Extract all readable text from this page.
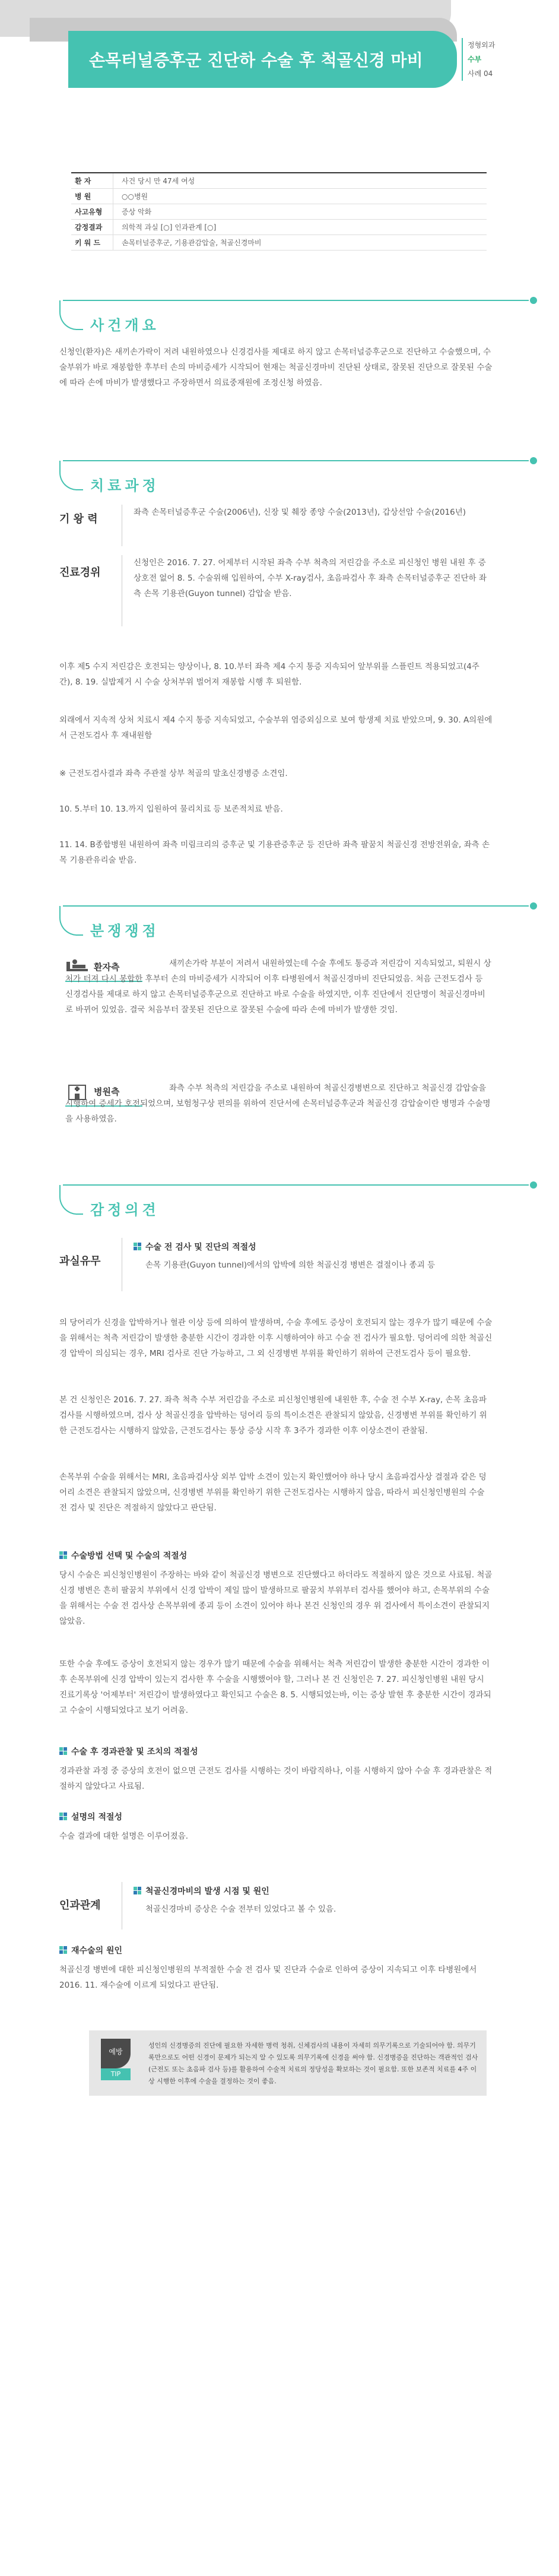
손목터널증후군 진단하 수술 후 척골신경 마비
정형외과
수부
사례 04
환 자	사건 당시 만 47세 여성
병 원	○○병원
사고유형	증상 악화
감정결과	의학적 과실 [○] 인과관계 [○]
키 워 드	손목터널증후군, 기용관감압술, 척골신경마비
사건개요
신청인(환자)은 새끼손가락이 저려 내원하였으나 신경검사를 제대로 하지 않고 손목터널증후군으로 진단하고 수술했으며, 수술부위가 바로 재봉합한 후부터 손의 마비증세가 시작되어 현재는 척골신경마비 진단된 상태로, 잘못된 진단으로 잘못된 수술에 따라 손에 마비가 발생했다고 주장하면서 의료중재원에 조정신청 하였음.
치료과정
기 왕 력
좌측 손목터널증후군 수술(2006년), 신장 및 췌장 종양 수술(2013년), 갑상선암 수술(2016년)
진료경위
신청인은 2016. 7. 27. 어제부터 시작된 좌측 수부 척측의 저린감을 주소로 피신청인 병원 내원 후 증상호전 없어 8. 5. 수술위해 입원하여, 수부 X-ray검사, 초음파검사 후 좌측 손목터널증후군 진단하 좌측 손목 기용관(Guyon tunnel) 감압술 받음.
이후 제5 수지 저린감은 호전되는 양상이나, 8. 10.부터 좌측 제4 수지 통증 지속되어 앞부위를 스플린트 적용되었고(4주간), 8. 19. 실밥제거 시 수술 상처부위 벌어져 재봉합 시행 후 퇴원함.
외래에서 지속적 상처 치료시 제4 수지 통증 지속되었고, 수술부위 염증외심으로 보여 항생제 치료 받았으며, 9. 30. A의원에서 근전도검사 후 재내원함
※ 근전도검사결과 좌측 주관절 상부 척골의 말초신경병증 소견임.
10. 5.부터 10. 13.까지 입원하여 물리치료 등 보존적치료 받음.
11. 14. B종합병원 내원하여 좌측 미림크리의 증후군 및 기용관증후군 등 진단하 좌측 팔꿈치 척골신경 전방전위술, 좌측 손목 기용관유리술 받음.
분쟁쟁점
환자측	새끼손가락 부분이 저려서 내원하였는데 수술 후에도 통증과 저린감이 지속되었고, 퇴원시 상처가 터져 다시 봉합한 후부터 손의 마비증세가 시작되어 이후 타병원에서 척골신경마비 진단되었음. 처음 근전도검사 등 신경검사를 제대로 하지 않고 손목터널증후군으로 진단하고 바로 수술을 하였지만, 이후 진단에서 진단명이 척골신경마비로 바뀌어 있었음. 결국 처음부터 잘못된 진단으로 잘못된 수술에 따라 손에 마비가 발생한 것임.
병원측	좌측 수부 척측의 저린감을 주소로 내원하여 척골신경병변으로 진단하고 척골신경 감압술을 시행하여 증세가 호전되었으며, 보험청구상 편의를 위하여 진단서에 손목터널증후군과 척골신경 감압술이란 병명과 수술명을 사용하였음.
감정의견
과실유무
수술 전 검사 및 진단의 적절성
손목 기용관(Guyon tunnel)에서의 압박에 의한 척골신경 병변은 결절이나 종괴 등
의 당어리가 신경을 압박하거나 혈관 이상 등에 의하여 발생하며, 수술 후에도 증상이 호전되지 않는 경우가 많기 때문에 수술을 위해서는 척측 저린감이 발생한 충분한 시간이 경과한 이후 시행하여야 하고 수술 전 검사가 필요함. 덩어리에 의한 척골신경 압박이 의심되는 경우, MRI 검사로 진단 가능하고, 그 외 신경병변 부위를 확인하기 위하여 근전도검사 등이 필요함.
본 건 신청인은 2016. 7. 27. 좌측 척측 수부 저린감을 주소로 피신청인병원에 내원한 후, 수술 전 수부 X-ray, 손목 초음파검사를 시행하였으며, 검사 상 척골신경을 압박하는 덩어리 등의 특이소견은 관찰되지 않았음, 신경병변 부위를 확인하기 위한 근전도검사는 시행하지 않았음, 근전도검사는 통상 증상 시작 후 3주가 경과한 이후 이상소견이 관찰됨.
손목부위 수술을 위해서는 MRI, 초음파검사상 외부 압박 소견이 있는지 확인했어야 하나 당시 초음파검사상 결절과 같은 덩어리 소견은 관찰되지 않았으며, 신경병변 부위를 확인하기 위한 근전도검사는 시행하지 않음, 따라서 피신청인병원의 수술 전 검사 및 진단은 적절하지 않았다고 판단됨.
수술방법 선택 및 수술의 적절성
당시 수술은 피신청인병원이 주장하는 바와 같이 척골신경 병변으로 진단했다고 하더라도 적절하지 않은 것으로 사료됨. 척골신경 병변은 흔히 팔꿈치 부위에서 신경 압박이 제일 많이 발생하므로 팔꿈치 부위부터 검사를 했어야 하고, 손목부위의 수술을 위해서는 수술 전 검사상 손목부위에 종괴 등이 소견이 있어야 하나 본건 신청인의 경우 위 검사에서 특이소견이 관찰되지 않았음.
또한 수술 후에도 증상이 호전되지 않는 경우가 많기 때문에 수술을 위해서는 척측 저린감이 발생한 충분한 시간이 경과한 이후 손목부위에 신경 압박이 있는지 검사한 후 수술을 시행했어야 할, 그러나 본 건 신청인은 7. 27. 피신청인병원 내원 당시 진료기록상 '어제부터' 저린감이 발생하였다고 확인되고 수술은 8. 5. 시행되었는바, 이는 증상 발현 후 충분한 시간이 경과되고 수술이 시행되었다고 보기 어려움.
수술 후 경과관찰 및 조치의 적절성
경과관찰 과정 중 증상의 호전이 없으면 근전도 검사를 시행하는 것이 바람직하나, 이를 시행하지 않아 수술 후 경과관찰은 적절하지 않았다고 사료됨.
설명의 적절성
수술 결과에 대한 설명은 이루어졌음.
인과관계
척골신경마비의 발생 시점 및 원인
척골신경마비 증상은 수술 전부터 있었다고 볼 수 있음.
재수술의 원인
척골신경 병변에 대한 피신청인병원의 부적절한 수술 전 검사 및 진단과 수술로 인하여 증상이 지속되고 이후 타병원에서 2016. 11. 재수술에 이르게 되었다고 판단됨.
예방
TIP
성인의 신경병증의 진단에 필요한 자세한 병력 청취, 신체검사의 내용이 자세히 의무기록으로 기술되어야 함. 의무기록만으로도 어떤 신경이 문제가 되는지 알 수 있도록 의무기록에 신경을 써야 함. 신경병증을 진단하는 객관적인 검사(근전도 또는 초음파 검사 등)를 활용하여 수술적 치료의 정당성을 확보하는 것이 필요함. 또한 보존적 치료를 4주 이상 시행한 이후에 수술을 결정하는 것이 좋음.
